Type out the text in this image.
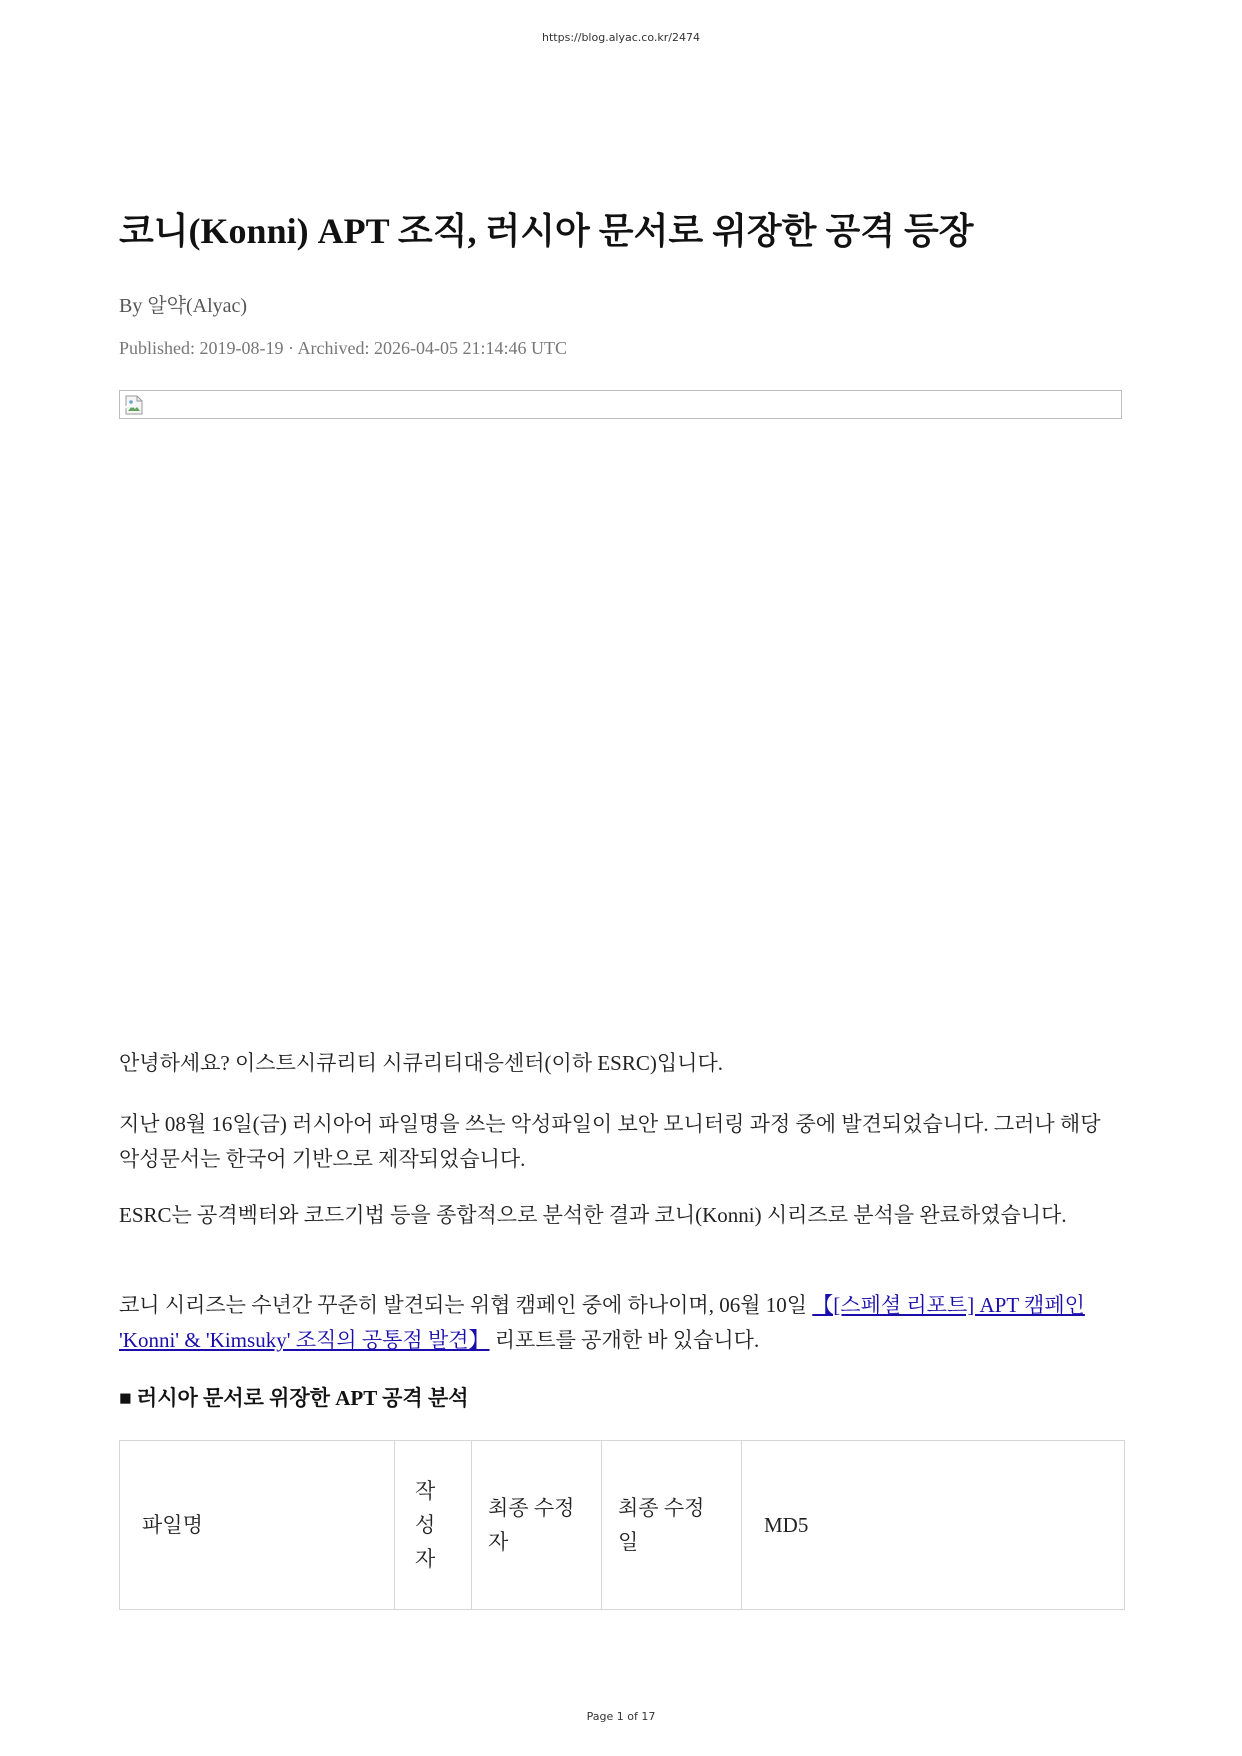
https://blog.alyac.co.kr/2474
코니(Konni) APT 조직, 러시아 문서로 위장한 공격 등장
By 알약(Alyac)
Published: 2019-08-19 · Archived: 2026-04-05 21:14:46 UTC

안녕하세요? 이스트시큐리티 시큐리티대응센터(이하 ESRC)입니다.

지난 08월 16일(금) 러시아어 파일명을 쓰는 악성파일이 보안 모니터링 과정 중에 발견되었습니다. 그러나 해당 악성문서는 한국어 기반으로 제작되었습니다.

ESRC는 공격벡터와 코드기법 등을 종합적으로 분석한 결과 코니(Konni) 시리즈로 분석을 완료하였습니다.

코니 시리즈는 수년간 꾸준히 발견되는 위협 캠페인 중에 하나이며, 06월 10일 【[스페셜 리포트] APT 캠페인 'Konni' & 'Kimsuky' 조직의 공통점 발견】 리포트를 공개한 바 있습니다.

■ 러시아 문서로 위장한 APT 공격 분석
파일명	작성자	최종 수정자	최종 수정일	MD5
Page 1 of 17
